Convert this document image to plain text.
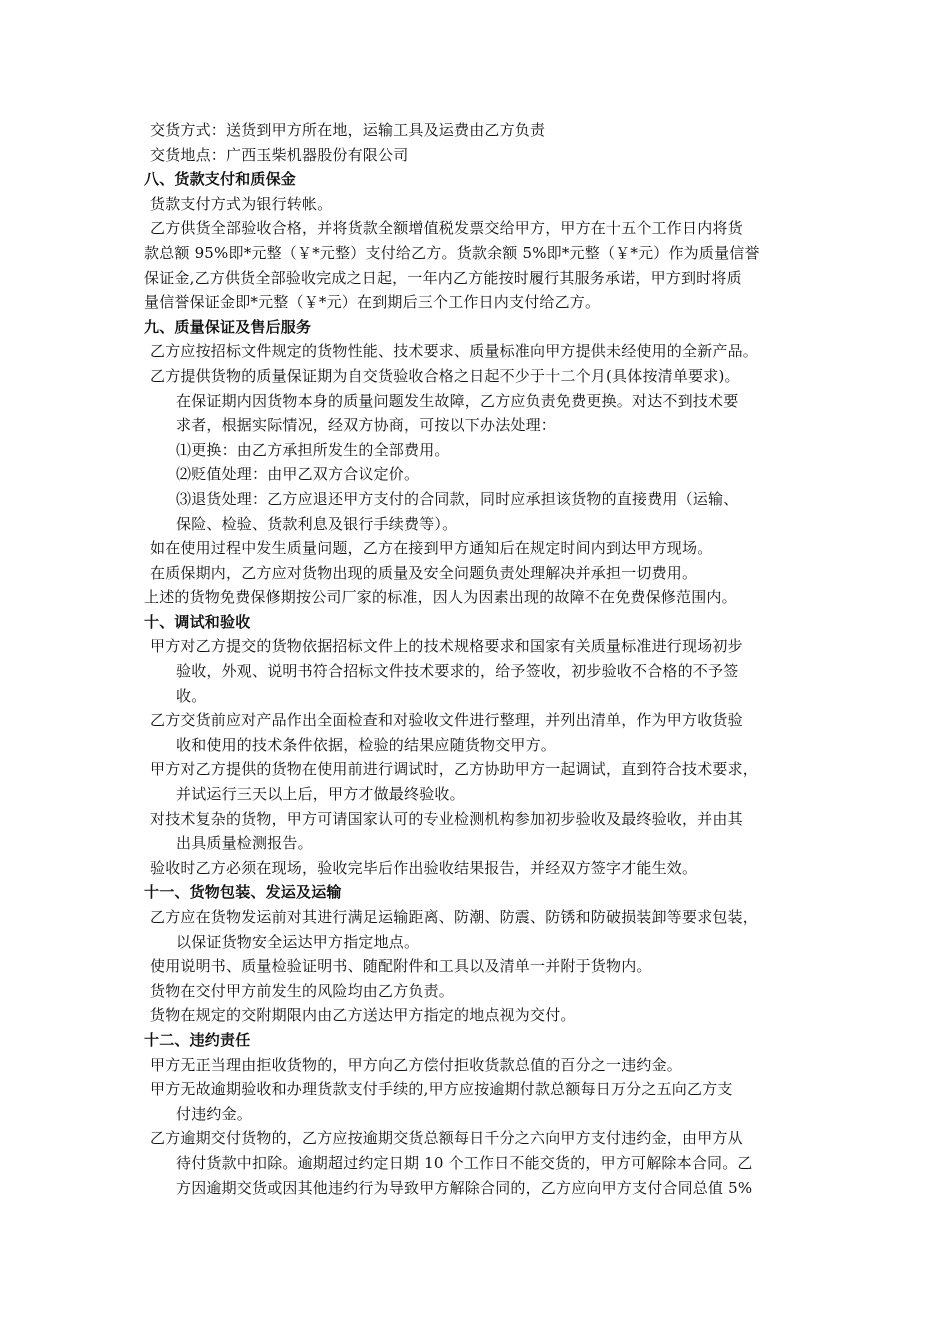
交货方式：送货到甲方所在地，运输工具及运费由乙方负责
交货地点：广西玉柴机器股份有限公司
八、货款支付和质保金
货款支付方式为银行转帐。
乙方供货全部验收合格，并将货款全额增值税发票交给甲方，甲方在十五个工作日内将货
款总额 95%即*元整（￥*元整）支付给乙方。货款余额 5%即*元整（￥*元）作为质量信誉
保证金,乙方供货全部验收完成之日起，一年内乙方能按时履行其服务承诺，甲方到时将质
量信誉保证金即*元整（￥*元）在到期后三个工作日内支付给乙方。
九、质量保证及售后服务
乙方应按招标文件规定的货物性能、技术要求、质量标准向甲方提供未经使用的全新产品。
乙方提供货物的质量保证期为自交货验收合格之日起不少于十二个月(具体按清单要求)。
在保证期内因货物本身的质量问题发生故障，乙方应负责免费更换。对达不到技术要
求者，根据实际情况，经双方协商，可按以下办法处理：
⑴更换：由乙方承担所发生的全部费用。
⑵贬值处理：由甲乙双方合议定价。
⑶退货处理：乙方应退还甲方支付的合同款，同时应承担该货物的直接费用（运输、
保险、检验、货款利息及银行手续费等）。
如在使用过程中发生质量问题，乙方在接到甲方通知后在规定时间内到达甲方现场。
在质保期内，乙方应对货物出现的质量及安全问题负责处理解决并承担一切费用。
上述的货物免费保修期按公司厂家的标准，因人为因素出现的故障不在免费保修范围内。
十、调试和验收
甲方对乙方提交的货物依据招标文件上的技术规格要求和国家有关质量标准进行现场初步
验收，外观、说明书符合招标文件技术要求的，给予签收，初步验收不合格的不予签
收。
乙方交货前应对产品作出全面检查和对验收文件进行整理，并列出清单，作为甲方收货验
收和使用的技术条件依据，检验的结果应随货物交甲方。
甲方对乙方提供的货物在使用前进行调试时，乙方协助甲方一起调试，直到符合技术要求，
并试运行三天以上后，甲方才做最终验收。
对技术复杂的货物，甲方可请国家认可的专业检测机构参加初步验收及最终验收，并由其
出具质量检测报告。
验收时乙方必须在现场，验收完毕后作出验收结果报告，并经双方签字才能生效。
十一、货物包装、发运及运输
乙方应在货物发运前对其进行满足运输距离、防潮、防震、防锈和防破损装卸等要求包装，
以保证货物安全运达甲方指定地点。
使用说明书、质量检验证明书、随配附件和工具以及清单一并附于货物内。
货物在交付甲方前发生的风险均由乙方负责。
货物在规定的交附期限内由乙方送达甲方指定的地点视为交付。
十二、违约责任
甲方无正当理由拒收货物的，甲方向乙方偿付拒收货款总值的百分之一违约金。
甲方无故逾期验收和办理货款支付手续的,甲方应按逾期付款总额每日万分之五向乙方支
付违约金。
乙方逾期交付货物的，乙方应按逾期交货总额每日千分之六向甲方支付违约金，由甲方从
待付货款中扣除。逾期超过约定日期 10 个工作日不能交货的，甲方可解除本合同。乙
方因逾期交货或因其他违约行为导致甲方解除合同的，乙方应向甲方支付合同总值 5%
